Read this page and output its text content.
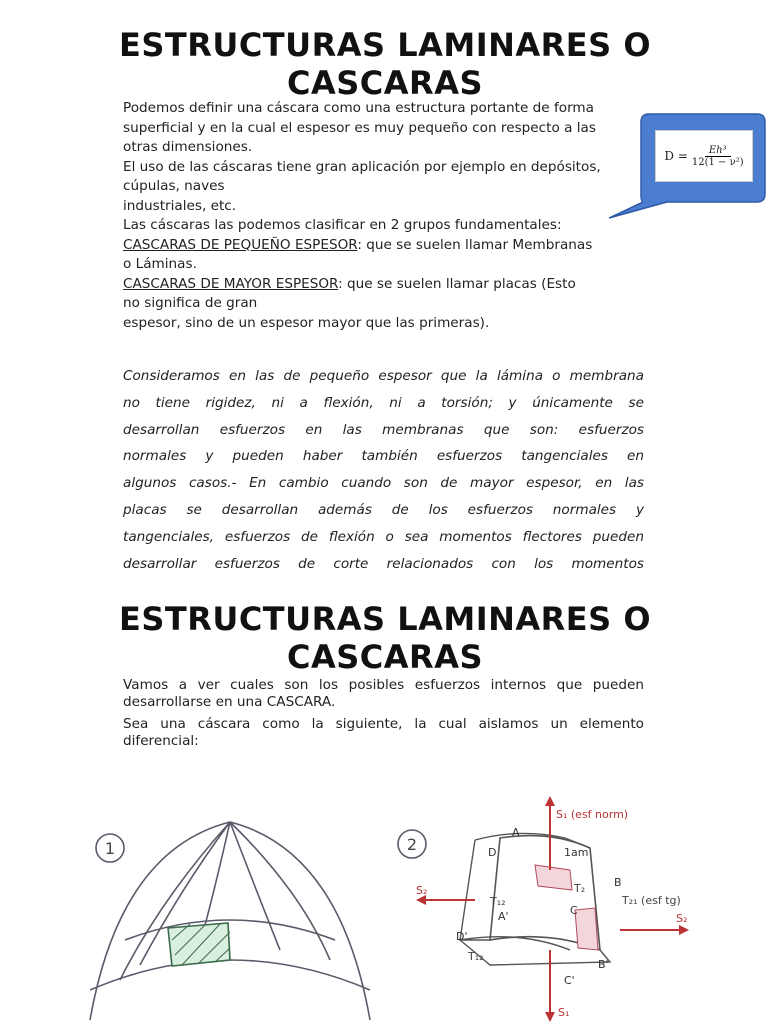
ESTRUCTURAS LAMINARES O
CASCARAS
Podemos definir una cáscara como una estructura portante de forma
superficial y en la cual el espesor es muy pequeño con respecto a las
otras dimensiones.
El uso de las cáscaras tiene gran aplicación por ejemplo en depósitos,
cúpulas, naves
industriales, etc.
Las cáscaras las podemos clasificar en 2 grupos fundamentales:
CASCARAS DE PEQUEÑO ESPESOR: que se suelen llamar Membranas
o Láminas.
CASCARAS DE MAYOR ESPESOR: que se suelen llamar placas (Esto
no significa de gran
espesor, sino de un espesor mayor que las primeras).
$D = \frac{\text{Eh³}}{\text{12(1 − ν²)}}$
Consideramos en las de pequeño espesor que la lámina o membrana
no tiene rigidez, ni a flexión, ni a torsión; y únicamente se
desarrollan esfuerzos en las membranas que son: esfuerzos
normales y pueden haber también esfuerzos tangenciales en
algunos casos.- En cambio cuando son de mayor espesor, en las
placas se desarrollan además de los esfuerzos normales y
tangenciales, esfuerzos de flexión o sea momentos flectores pueden
desarrollar esfuerzos de corte relacionados con los momentos
ESTRUCTURAS LAMINARES O
CASCARAS
Vamos a ver cuales son los posibles esfuerzos internos que pueden desarrollarse en una CASCARA.
Sea una cáscara como la siguiente, la cual aislamos un elemento diferencial:
1	2
S₁ (esf norm)
S₁
S₂
S₂
T₂₁ (esf tg)
T₂
T₁₂
T₁₂
A
A'
B
B'
C
C'
D
D'
1am
